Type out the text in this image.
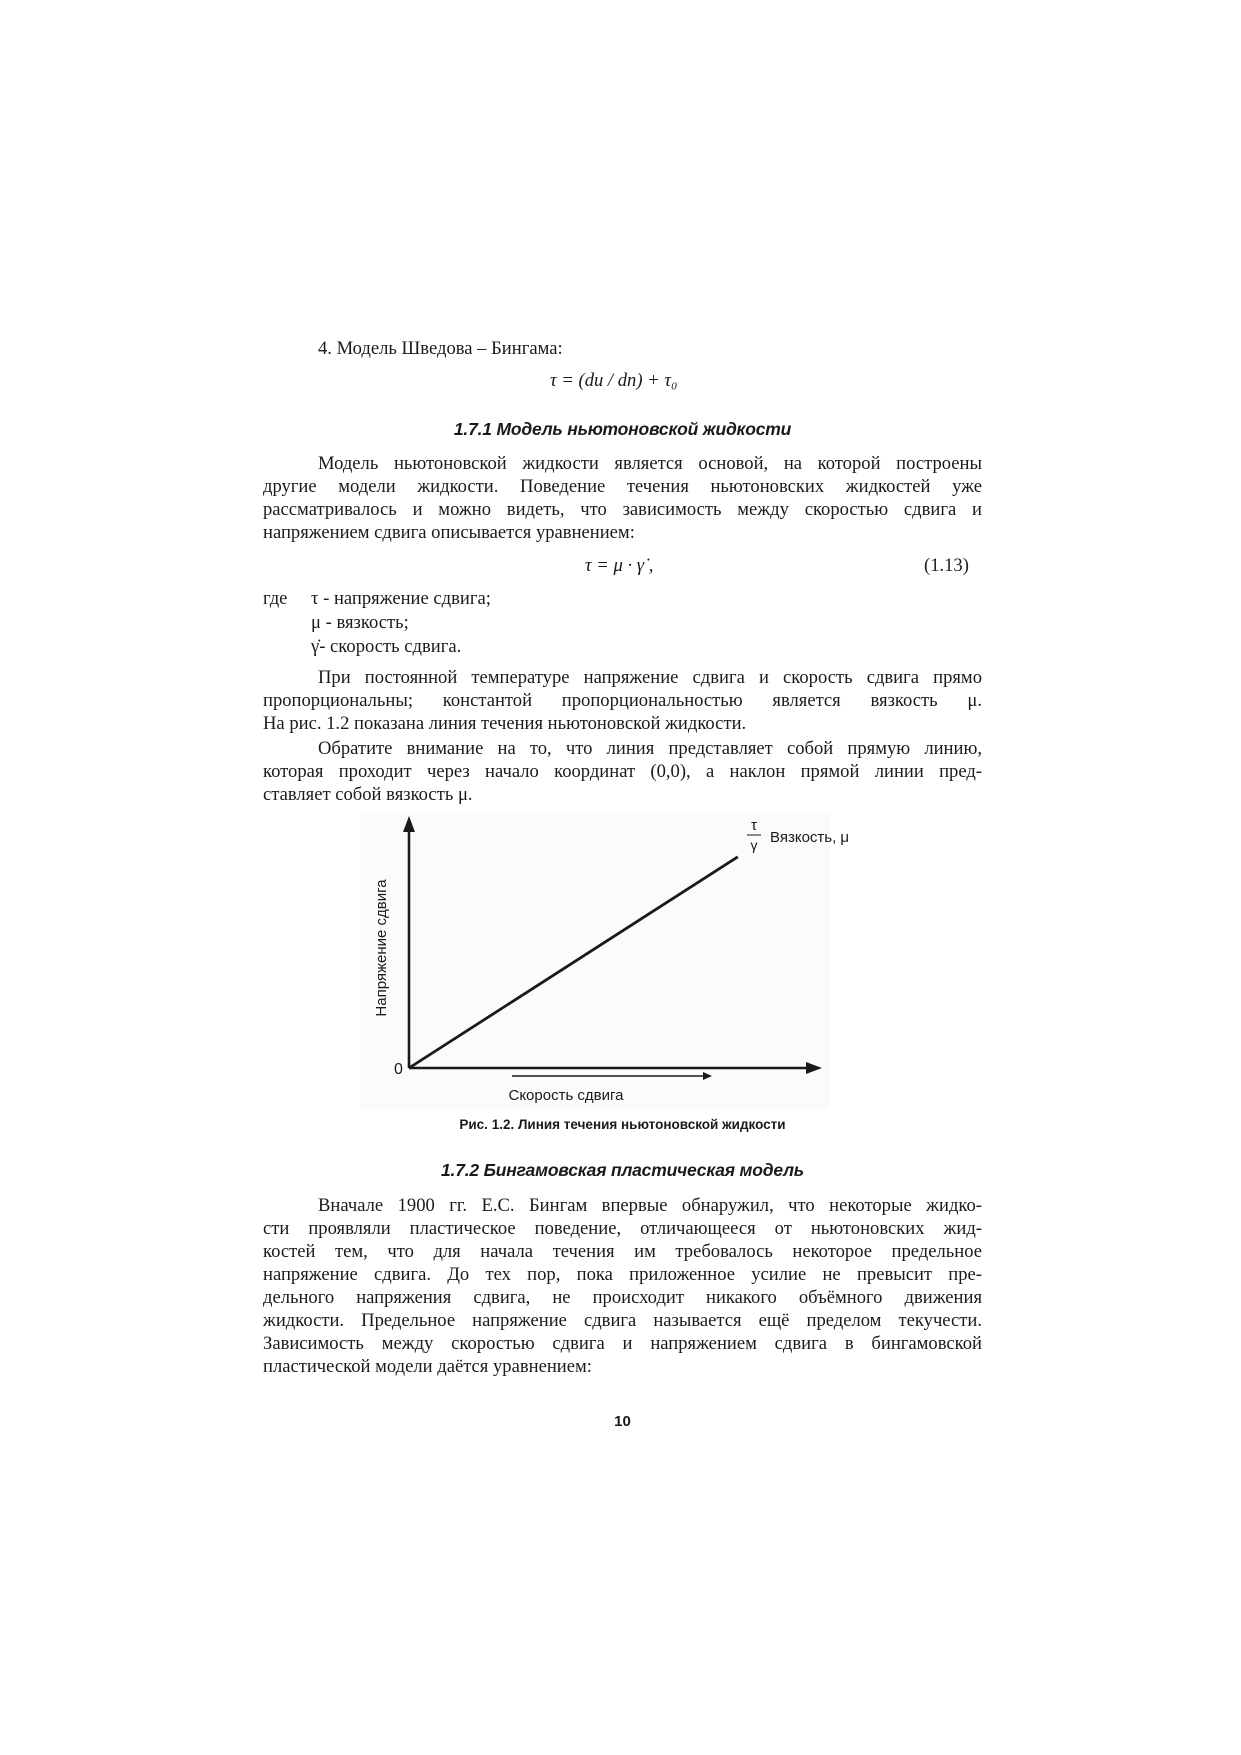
4. Модель Шведова – Бингама:
τ = (du / dn) + τ₀
1.7.1 Модель ньютоновской жидкости
Модель ньютоновской жидкости является основой, на которой построены
другие модели жидкости. Поведение течения ньютоновских жидкостей уже
рассматривалось и можно видеть, что зависимость между скоростью сдвига и
напряжением сдвига описывается уравнением:
τ = μ · γ̇ ,	(1.13)
где τ - напряжение сдвига;
μ - вязкость;
γ̇- скорость сдвига.
При постоянной температуре напряжение сдвига и скорость сдвига прямо
пропорциональны; константой пропорциональностью является вязкость μ.
На рис. 1.2 показана линия течения ньютоновской жидкости.
Обратите внимание на то, что линия представляет собой прямую линию,
которая проходит через начало координат (0,0), а наклон прямой линии пред-
ставляет собой вязкость μ.
0
Напряжение сдвига
Скорость сдвига
τ
γ Вязкость, μ
Рис. 1.2. Линия течения ньютоновской жидкости
1.7.2 Бингамовская пластическая модель
Вначале 1900 гг. Е.С. Бингам впервые обнаружил, что некоторые жидко-
сти проявляли пластическое поведение, отличающееся от ньютоновских жид-
костей тем, что для начала течения им требовалось некоторое предельное
напряжение сдвига. До тех пор, пока приложенное усилие не превысит пре-
дельного напряжения сдвига, не происходит никакого объёмного движения
жидкости. Предельное напряжение сдвига называется ещё пределом текучести.
Зависимость между скоростью сдвига и напряжением сдвига в бингамовской
пластической модели даётся уравнением:
10
